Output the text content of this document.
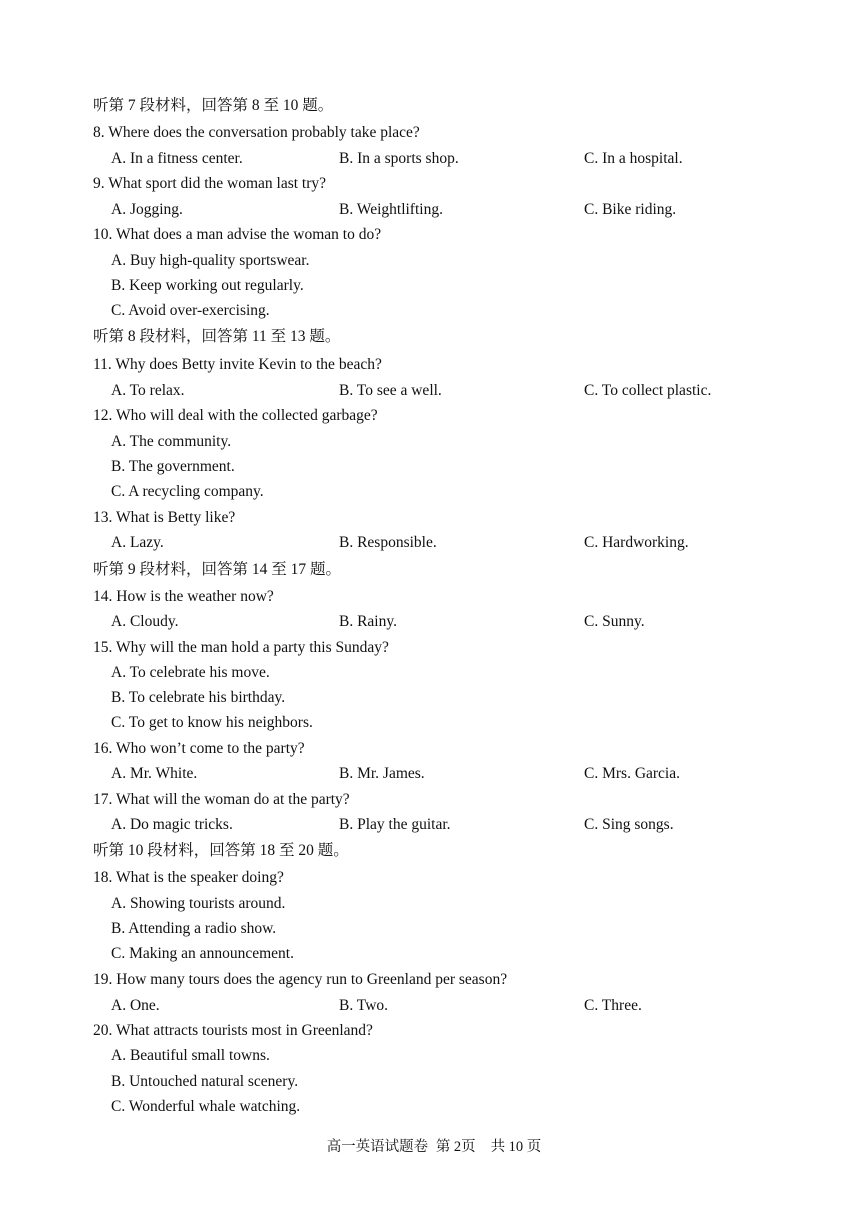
听第 7 段材料，回答第 8 至 10 题。
8. Where does the conversation probably take place?
A. In a fitness center.	B. In a sports shop.	C. In a hospital.
9. What sport did the woman last try?
A. Jogging.	B. Weightlifting.	C. Bike riding.
10. What does a man advise the woman to do?
A. Buy high-quality sportswear.
B. Keep working out regularly.
C. Avoid over-exercising.
听第 8 段材料，回答第 11 至 13 题。
11. Why does Betty invite Kevin to the beach?
A. To relax.	B. To see a well.	C. To collect plastic.
12. Who will deal with the collected garbage?
A. The community.
B. The government.
C. A recycling company.
13. What is Betty like?
A. Lazy.	B. Responsible.	C. Hardworking.
听第 9 段材料，回答第 14 至 17 题。
14. How is the weather now?
A. Cloudy.	B. Rainy.	C. Sunny.
15. Why will the man hold a party this Sunday?
A. To celebrate his move.
B. To celebrate his birthday.
C. To get to know his neighbors.
16. Who won’t come to the party?
A. Mr. White.	B. Mr. James.	C. Mrs. Garcia.
17. What will the woman do at the party?
A. Do magic tricks.	B. Play the guitar.	C. Sing songs.
听第 10 段材料，回答第 18 至 20 题。
18. What is the speaker doing?
A. Showing tourists around.
B. Attending a radio show.
C. Making an announcement.
19. How many tours does the agency run to Greenland per season?
A. One.	B. Two.	C. Three.
20. What attracts tourists most in Greenland?
A. Beautiful small towns.
B. Untouched natural scenery.
C. Wonderful whale watching.
高一英语试题卷 第 2页 共 10 页
